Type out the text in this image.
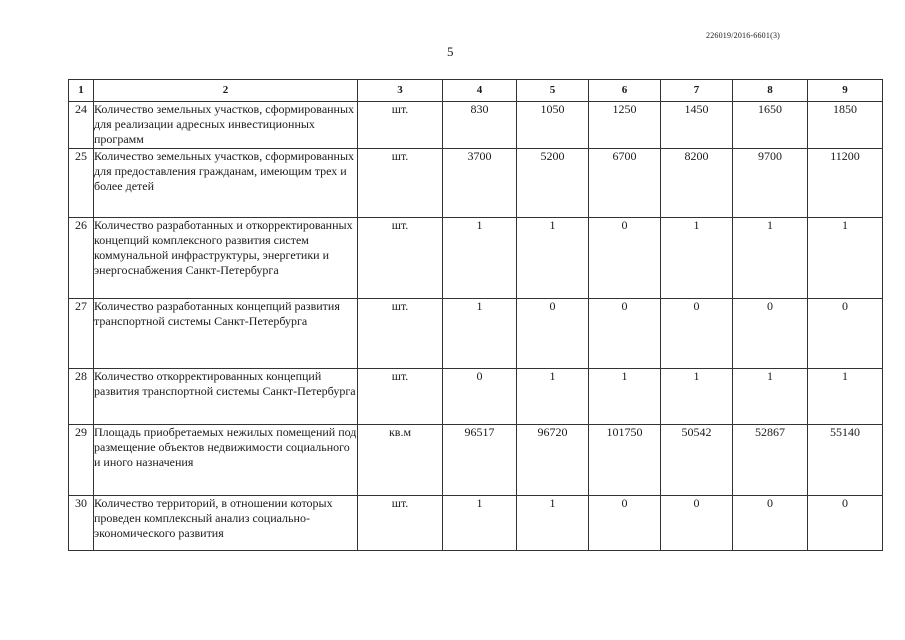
226019/2016-6601(3)
5
1	2	3	4	5	6	7	8	9
24	Количество земельных участков, сформированных для реализации адресных инвестиционных программ	шт.	830	1050	1250	1450	1650	1850
25	Количество земельных участков, сформированных для предоставления гражданам, имеющим трех и более детей	шт.	3700	5200	6700	8200	9700	11200
26	Количество разработанных и откорректированных концепций комплексного развития систем коммунальной инфраструктуры, энергетики и энергоснабжения Санкт-Петербурга	шт.	1	1	0	1	1	1
27	Количество разработанных концепций развития транспортной системы Санкт-Петербурга	шт.	1	0	0	0	0	0
28	Количество откорректированных концепций развития транспортной системы Санкт-Петербурга	шт.	0	1	1	1	1	1
29	Площадь приобретаемых нежилых помещений под размещение объектов недвижимости социального и иного назначения	кв.м	96517	96720	101750	50542	52867	55140
30	Количество территорий, в отношении которых проведен комплексный анализ социально-экономического развития	шт.	1	1	0	0	0	0
